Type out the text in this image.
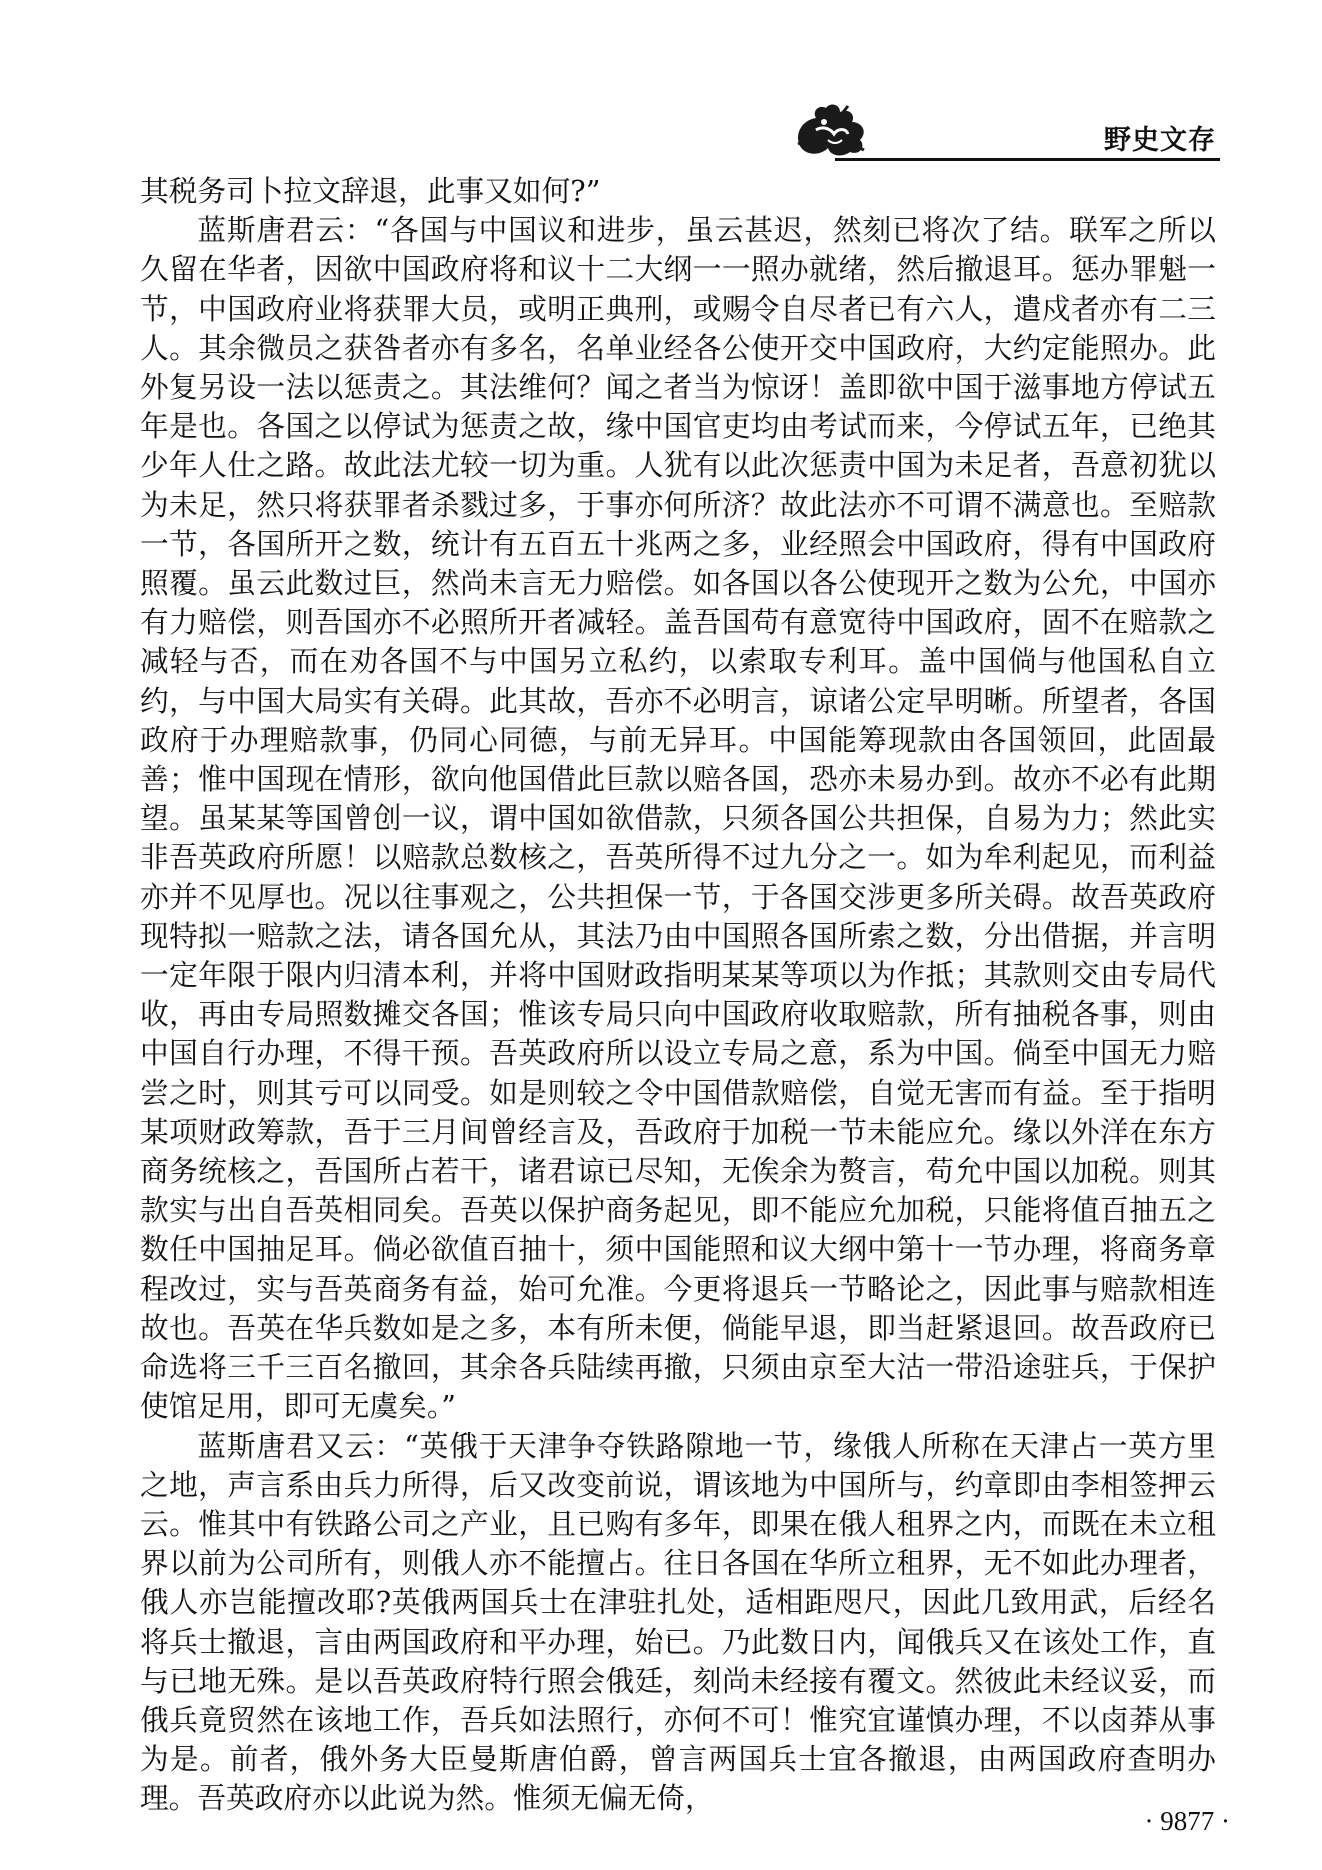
野史文存

其税务司卜拉文辞退，此事又如何?”

蓝斯唐君云：“各国与中国议和进步，虽云甚迟，然刻已将次了结。联军之所以久留在华者，因欲中国政府将和议十二大纲一一照办就绪，然后撤退耳。惩办罪魁一节，中国政府业将获罪大员，或明正典刑，或赐令自尽者已有六人，遣戍者亦有二三人。其余微员之获咎者亦有多名，名单业经各公使开交中国政府，大约定能照办。此外复另设一法以惩责之。其法维何？闻之者当为惊讶！盖即欲中国于滋事地方停试五年是也。各国之以停试为惩责之故，缘中国官吏均由考试而来，今停试五年，已绝其少年人仕之路。故此法尤较一切为重。人犹有以此次惩责中国为未足者，吾意初犹以为未足，然只将获罪者杀戮过多，于事亦何所济？故此法亦不可谓不满意也。至赔款一节，各国所开之数，统计有五百五十兆两之多，业经照会中国政府，得有中国政府照覆。虽云此数过巨，然尚未言无力赔偿。如各国以各公使现开之数为公允，中国亦有力赔偿，则吾国亦不必照所开者减轻。盖吾国苟有意宽待中国政府，固不在赔款之减轻与否，而在劝各国不与中国另立私约，以索取专利耳。盖中国倘与他国私自立约，与中国大局实有关碍。此其故，吾亦不必明言，谅诸公定早明晰。所望者，各国政府于办理赔款事，仍同心同德，与前无异耳。中国能筹现款由各国领回，此固最善；惟中国现在情形，欲向他国借此巨款以赔各国，恐亦未易办到。故亦不必有此期望。虽某某等国曾创一议，谓中国如欲借款，只须各国公共担保，自易为力；然此实非吾英政府所愿！以赔款总数核之，吾英所得不过九分之一。如为牟利起见，而利益亦并不见厚也。况以往事观之，公共担保一节，于各国交涉更多所关碍。故吾英政府现特拟一赔款之法，请各国允从，其法乃由中国照各国所索之数，分出借据，并言明一定年限于限内归清本利，并将中国财政指明某某等项以为作抵；其款则交由专局代收，再由专局照数摊交各国；惟该专局只向中国政府收取赔款，所有抽税各事，则由中国自行办理，不得干预。吾英政府所以设立专局之意，系为中国。倘至中国无力赔尝之时，则其亏可以同受。如是则较之令中国借款赔偿，自觉无害而有益。至于指明某项财政筹款，吾于三月间曾经言及，吾政府于加税一节未能应允。缘以外洋在东方商务统核之，吾国所占若干，诸君谅已尽知，无俟余为赘言，苟允中国以加税。则其款实与出自吾英相同矣。吾英以保护商务起见，即不能应允加税，只能将值百抽五之数任中国抽足耳。倘必欲值百抽十，须中国能照和议大纲中第十一节办理，将商务章程改过，实与吾英商务有益，始可允准。今更将退兵一节略论之，因此事与赔款相连故也。吾英在华兵数如是之多，本有所未便，倘能早退，即当赶紧退回。故吾政府已命选将三千三百名撤回，其余各兵陆续再撤，只须由京至大沽一带沿途驻兵，于保护使馆足用，即可无虞矣。”

蓝斯唐君又云：“英俄于天津争夺铁路隙地一节，缘俄人所称在天津占一英方里之地，声言系由兵力所得，后又改变前说，谓该地为中国所与，约章即由李相签押云云。惟其中有铁路公司之产业，且已购有多年，即果在俄人租界之内，而既在未立租界以前为公司所有，则俄人亦不能擅占。往日各国在华所立租界，无不如此办理者，俄人亦岂能擅改耶?英俄两国兵士在津驻扎处，适相距咫尺，因此几致用武，后经名将兵士撤退，言由两国政府和平办理，始已。乃此数日内，闻俄兵又在该处工作，直与已地无殊。是以吾英政府特行照会俄廷，刻尚未经接有覆文。然彼此未经议妥，而俄兵竟贸然在该地工作，吾兵如法照行，亦何不可！惟究宜谨慎办理，不以卤莽从事为是。前者，俄外务大臣曼斯唐伯爵，曾言两国兵士宜各撤退，由两国政府查明办理。吾英政府亦以此说为然。惟须无偏无倚，

· 9877 ·
